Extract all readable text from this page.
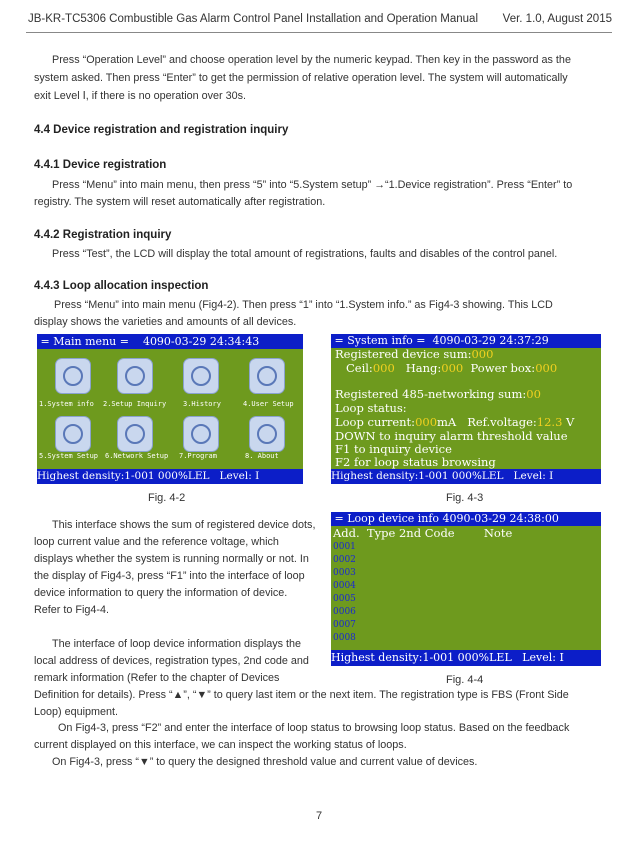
JB-KR-TC5306 Combustible Gas Alarm Control Panel Installation and Operation Manual Ver. 1.0, August 2015

Press “Operation Level” and choose operation level by the numeric keypad. Then key in the password as the

system asked. Then press “Enter” to get the permission of relative operation level. The system will automatically

exit Level Ⅰ, if there is no operation over 30s.

4.4 Device registration and registration inquiry
4.4.1 Device registration

Press “Menu” into main menu, then press “5” into “5.System setup” →“1.Device registration”. Press “Enter” to

registry. The system will reset automatically after registration.

4.4.2 Registration inquiry

Press “Test”, the LCD will display the total amount of registrations, faults and disables of the control panel.

4.4.3 Loop allocation inspection

Press “Menu” into main menu (Fig4-2). Then press “1” into “1.System info.” as Fig4-3 showing. This LCD

display shows the varieties and amounts of all devices.

= Main menu =    4090-03-29 24:34:43
1.System info 2.Setup Inquiry 3.History	4.User Setup
5.System Setup 6.Network Setup 7.Program	8. About
Highest density:1-001 000%LEL   Level: I
Fig. 4-2
= System info =  4090-03-29 24:37:29
Registered device sum:000
Ceil:000   Hang:000  Power box:000
Registered 485-networking sum:00
Loop status:
Loop current:000mA   Ref.voltage:12.3 V
DOWN to inquiry alarm threshold value
F1 to inquiry device
F2 for loop status browsing
Highest density:1-001 000%LEL   Level: I
Fig. 4-3

This interface shows the sum of registered device dots,

loop current value and the reference voltage, which

displays whether the system is running normally or not. In

the display of Fig4-3, press “F1” into the interface of loop

device information to query the information of device.

Refer to Fig4-4.

The interface of loop device information displays the

local address of devices, registration types, 2nd code and

remark information (Refer to the chapter of Devices

Definition for details). Press “▲”, “▼” to query last item or the next item. The registration type is FBS (Front Side

Loop) equipment.

= Loop device info 4090-03-29 24:38:00
Add.  Type 2nd Code        Note
0001
0002
0003
0004
0005
0006
0007
0008
Highest density:1-001 000%LEL   Level: I
Fig. 4-4

On Fig4-3, press “F2” and enter the interface of loop status to browsing loop status. Based on the feedback

current displayed on this interface, we can inspect the working status of loops.

On Fig4-3, press “▼” to query the designed threshold value and current value of devices.

7
